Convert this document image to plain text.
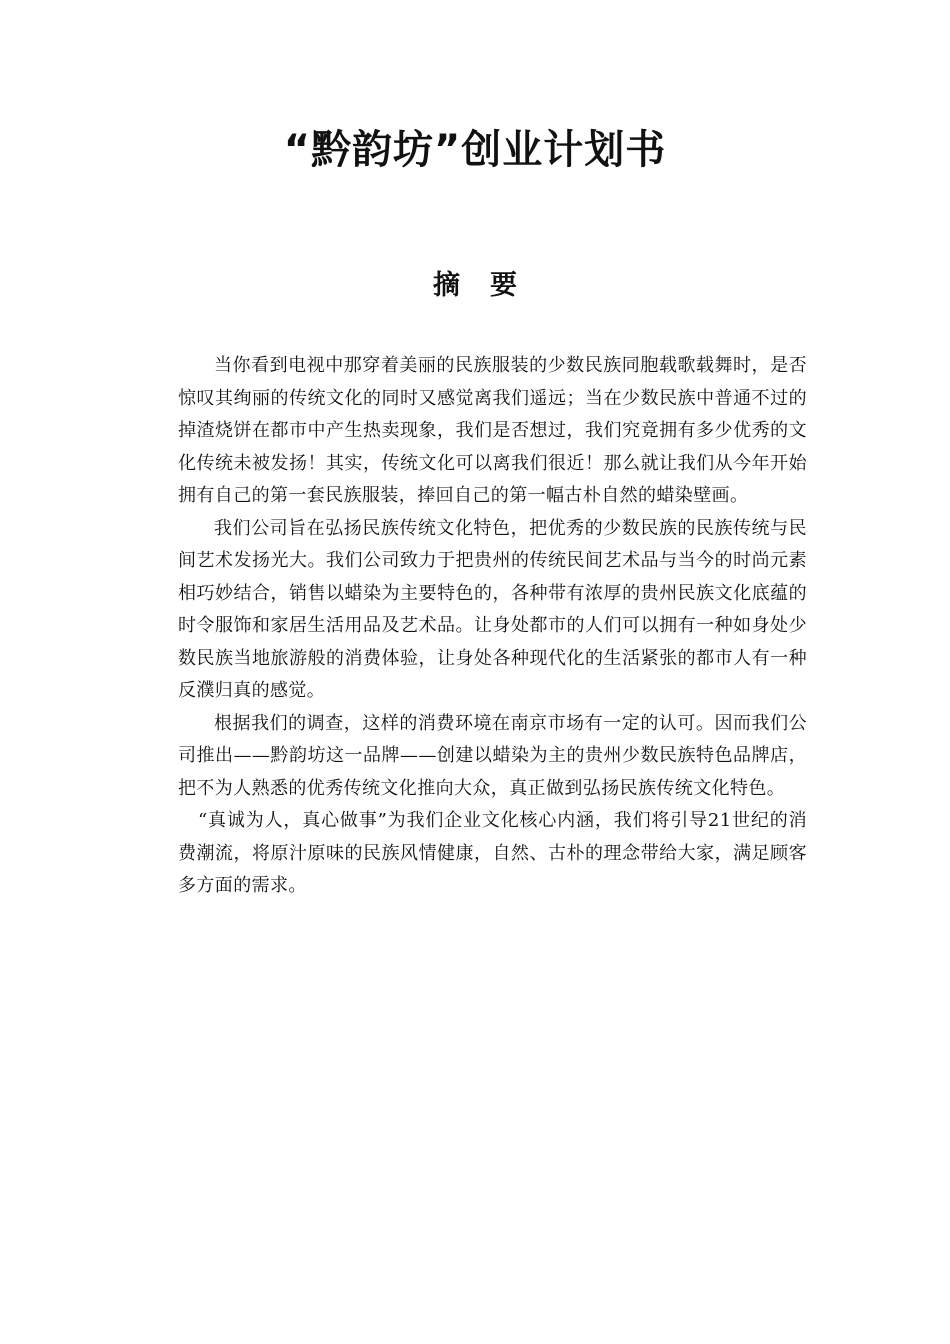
“黔韵坊”创业计划书
摘要

当你看到电视中那穿着美丽的民族服装的少数民族同胞载歌载舞时，是否惊叹其绚丽的传统文化的同时又感觉离我们遥远；当在少数民族中普通不过的掉渣烧饼在都市中产生热卖现象，我们是否想过，我们究竟拥有多少优秀的文化传统未被发扬！其实，传统文化可以离我们很近！那么就让我们从今年开始拥有自己的第一套民族服装，捧回自己的第一幅古朴自然的蜡染壁画。

我们公司旨在弘扬民族传统文化特色，把优秀的少数民族的民族传统与民间艺术发扬光大。我们公司致力于把贵州的传统民间艺术品与当今的时尚元素相巧妙结合，销售以蜡染为主要特色的，各种带有浓厚的贵州民族文化底蕴的时令服饰和家居生活用品及艺术品。让身处都市的人们可以拥有一种如身处少数民族当地旅游般的消费体验，让身处各种现代化的生活紧张的都市人有一种反濮归真的感觉。

根据我们的调查，这样的消费环境在南京市场有一定的认可。因而我们公司推出——黔韵坊这一品牌——创建以蜡染为主的贵州少数民族特色品牌店，把不为人熟悉的优秀传统文化推向大众，真正做到弘扬民族传统文化特色。

“真诚为人，真心做事”为我们企业文化核心内涵，我们将引导21世纪的消费潮流，将原汁原味的民族风情健康，自然、古朴的理念带给大家，满足顾客多方面的需求。
